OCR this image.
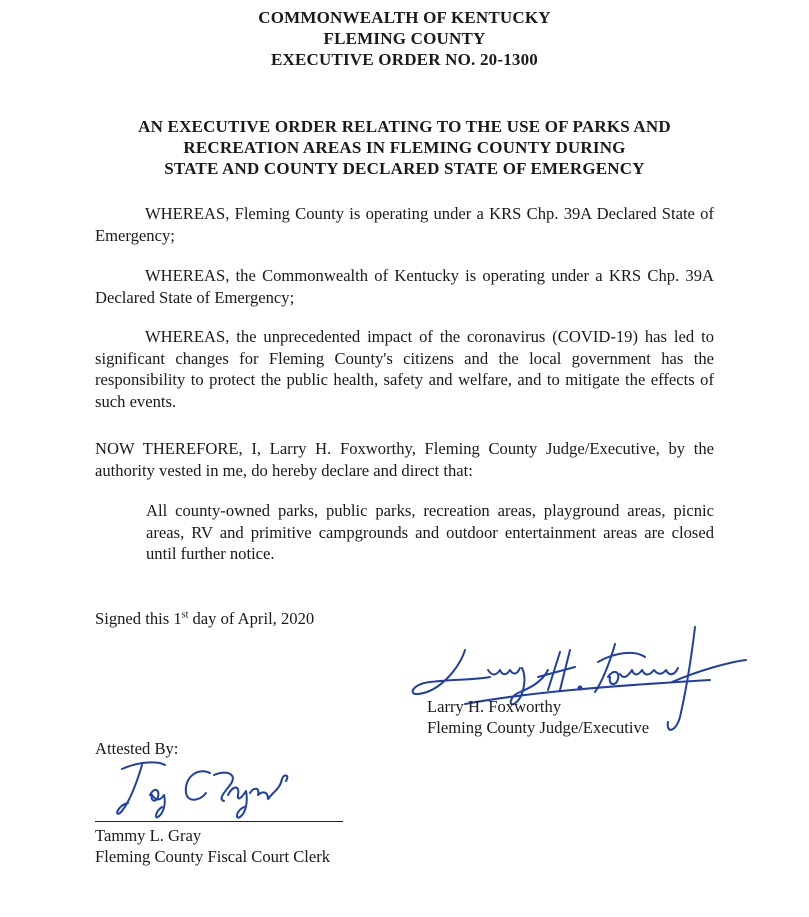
COMMONWEALTH OF KENTUCKY
FLEMING COUNTY
EXECUTIVE ORDER NO. 20-1300
AN EXECUTIVE ORDER RELATING TO THE USE OF PARKS AND
RECREATION AREAS IN FLEMING COUNTY DURING
STATE AND COUNTY DECLARED STATE OF EMERGENCY
WHEREAS, Fleming County is operating under a KRS Chp. 39A Declared State of Emergency;
WHEREAS, the Commonwealth of Kentucky is operating under a KRS Chp. 39A Declared State of Emergency;
WHEREAS, the unprecedented impact of the coronavirus (COVID-19) has led to significant changes for Fleming County's citizens and the local government has the responsibility to protect the public health, safety and welfare, and to mitigate the effects of such events.
NOW THEREFORE, I, Larry H. Foxworthy, Fleming County Judge/Executive, by the authority vested in me, do hereby declare and direct that:
All county-owned parks, public parks, recreation areas, playground areas, picnic areas, RV and primitive campgrounds and outdoor entertainment areas are closed until further notice.
Signed this 1st day of April, 2020
Larry H. Foxworthy
Fleming County Judge/Executive
Attested By:
Tammy L. Gray
Fleming County Fiscal Court Clerk
